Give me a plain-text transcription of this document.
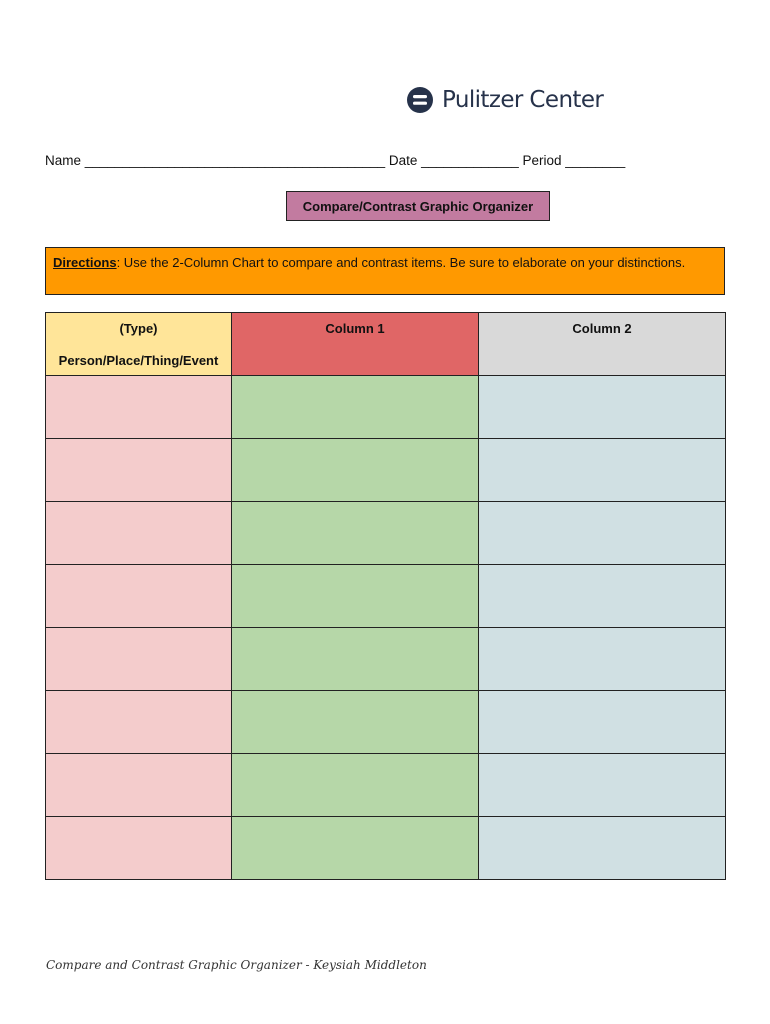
Pulitzer Center
Name ________________________________________ Date _____________ Period ________
Compare/Contrast Graphic Organizer
Directions: Use the 2-Column Chart to compare and contrast items. Be sure to elaborate on your distinctions.
(Type)
Person/Place/Thing/Event	Column 1	Column 2

Compare and Contrast Graphic Organizer - Keysiah Middleton
